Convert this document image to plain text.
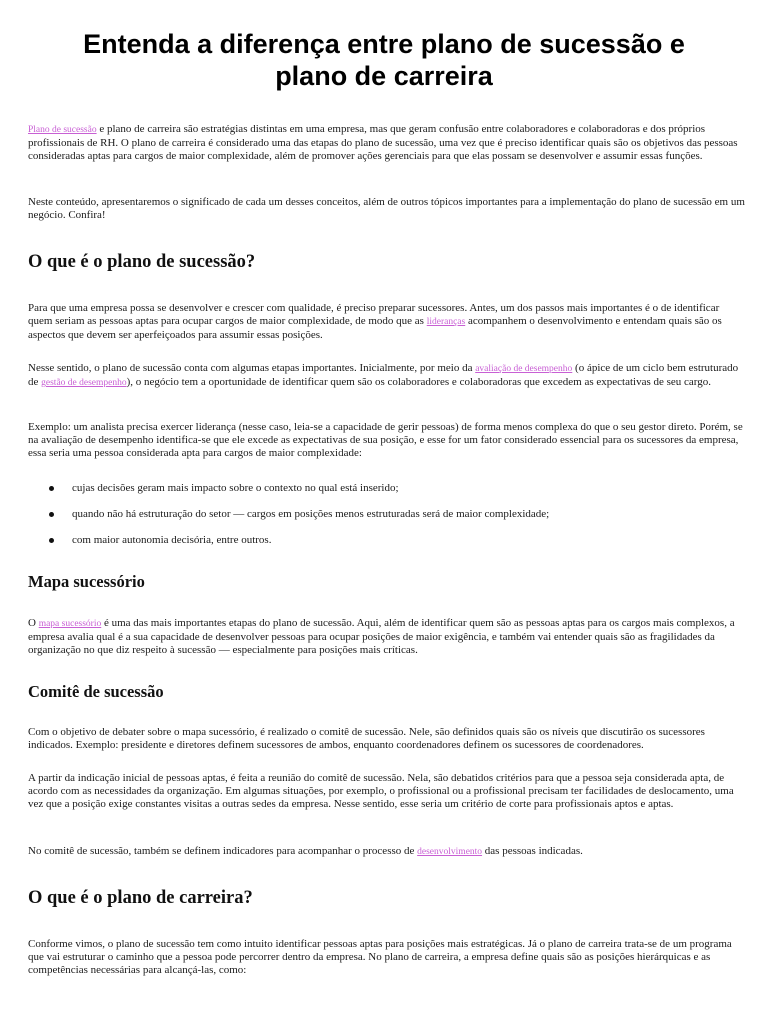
Entenda a diferença entre plano de sucessão e
plano de carreira

Plano de sucessão e plano de carreira são estratégias distintas em uma empresa, mas que geram confusão entre colaboradores e colaboradoras e dos próprios profissionais de RH. O plano de carreira é considerado uma das etapas do plano de sucessão, uma vez que é preciso identificar quais são os objetivos das pessoas consideradas aptas para cargos de maior complexidade, além de promover ações gerenciais para que elas possam se desenvolver e assumir essas funções.

Neste conteúdo, apresentaremos o significado de cada um desses conceitos, além de outros tópicos importantes para a implementação do plano de sucessão em um negócio. Confira!

O que é o plano de sucessão?

Para que uma empresa possa se desenvolver e crescer com qualidade, é preciso preparar sucessores. Antes, um dos passos mais importantes é o de identificar quem seriam as pessoas aptas para ocupar cargos de maior complexidade, de modo que as lideranças acompanhem o desenvolvimento e entendam quais são os aspectos que devem ser aperfeiçoados para assumir essas posições.

Nesse sentido, o plano de sucessão conta com algumas etapas importantes. Inicialmente, por meio da avaliação de desempenho (o ápice de um ciclo bem estruturado de gestão de desempenho), o negócio tem a oportunidade de identificar quem são os colaboradores e colaboradoras que excedem as expectativas de seu cargo.

Exemplo: um analista precisa exercer liderança (nesse caso, leia-se a capacidade de gerir pessoas) de forma menos complexa do que o seu gestor direto. Porém, se na avaliação de desempenho identifica-se que ele excede as expectativas de sua posição, e esse for um fator considerado essencial para os sucessores da empresa, essa seria uma pessoa considerada apta para cargos de maior complexidade:

cujas decisões geram mais impacto sobre o contexto no qual está inserido;
quando não há estruturação do setor — cargos em posições menos estruturadas será de maior complexidade;
com maior autonomia decisória, entre outros.
Mapa sucessório

O mapa sucessório é uma das mais importantes etapas do plano de sucessão. Aqui, além de identificar quem são as pessoas aptas para os cargos mais complexos, a empresa avalia qual é a sua capacidade de desenvolver pessoas para ocupar posições de maior exigência, e também vai entender quais são as fragilidades da organização no que diz respeito à sucessão — especialmente para posições mais críticas.

Comitê de sucessão

Com o objetivo de debater sobre o mapa sucessório, é realizado o comitê de sucessão. Nele, são definidos quais são os níveis que discutirão os sucessores indicados. Exemplo: presidente e diretores definem sucessores de ambos, enquanto coordenadores definem os sucessores de coordenadores.

A partir da indicação inicial de pessoas aptas, é feita a reunião do comitê de sucessão. Nela, são debatidos critérios para que a pessoa seja considerada apta, de acordo com as necessidades da organização. Em algumas situações, por exemplo, o profissional ou a profissional precisam ter facilidades de deslocamento, uma vez que a posição exige constantes visitas a outras sedes da empresa. Nesse sentido, esse seria um critério de corte para profissionais aptos e aptas.

No comitê de sucessão, também se definem indicadores para acompanhar o processo de desenvolvimento das pessoas indicadas.

O que é o plano de carreira?

Conforme vimos, o plano de sucessão tem como intuito identificar pessoas aptas para posições mais estratégicas. Já o plano de carreira trata-se de um programa que vai estruturar o caminho que a pessoa pode percorrer dentro da empresa. No plano de carreira, a empresa define quais são as posições hierárquicas e as competências necessárias para alcançá-las, como:
